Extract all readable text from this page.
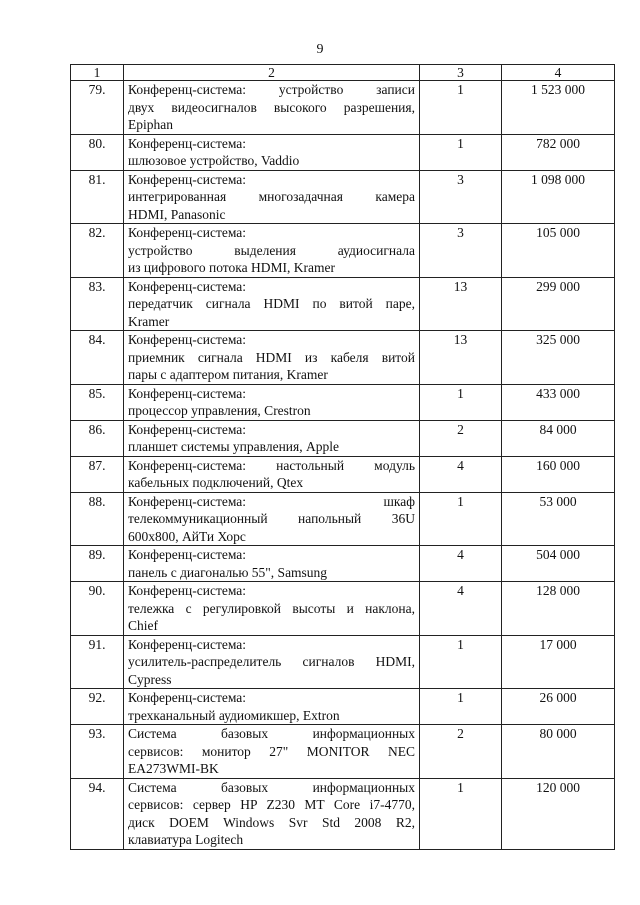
9
1	2	3	4
79.	Конференц-система: устройство записи
двух видеосигналов высокого разрешения,
Epiphan	1	1 523 000
80.	Конференц-система:
шлюзовое устройство, Vaddio	1	782 000
81.	Конференц-система:
интегрированная многозадачная камера
HDMI, Panasonic	3	1 098 000
82.	Конференц-система:
устройство выделения аудиосигнала
из цифрового потока HDMI, Kramer	3	105 000
83.	Конференц-система:
передатчик сигнала HDMI по витой паре,
Kramer	13	299 000
84.	Конференц-система:
приемник сигнала HDMI из кабеля витой
пары с адаптером питания, Kramer	13	325 000
85.	Конференц-система:
процессор управления, Crestron	1	433 000
86.	Конференц-система:
планшет системы управления, Apple	2	84 000
87.	Конференц-система: настольный модуль
кабельных подключений, Qtex	4	160 000
88.	Конференц-система: шкаф
телекоммуникационный напольный 36U
600x800, АйТи Хорс	1	53 000
89.	Конференц-система:
панель с диагональю 55", Samsung	4	504 000
90.	Конференц-система:
тележка с регулировкой высоты и наклона,
Chief	4	128 000
91.	Конференц-система:
усилитель-распределитель сигналов HDMI,
Cypress	1	17 000
92.	Конференц-система:
трехканальный аудиомикшер, Extron	1	26 000
93.	Система базовых информационных
сервисов: монитор 27" MONITOR NEC
EA273WMI-BK	2	80 000
94.	Система базовых информационных
сервисов: сервер HP Z230 MT Core i7-4770,
диск DOEM Windows Svr Std 2008 R2,
клавиатура Logitech	1	120 000
